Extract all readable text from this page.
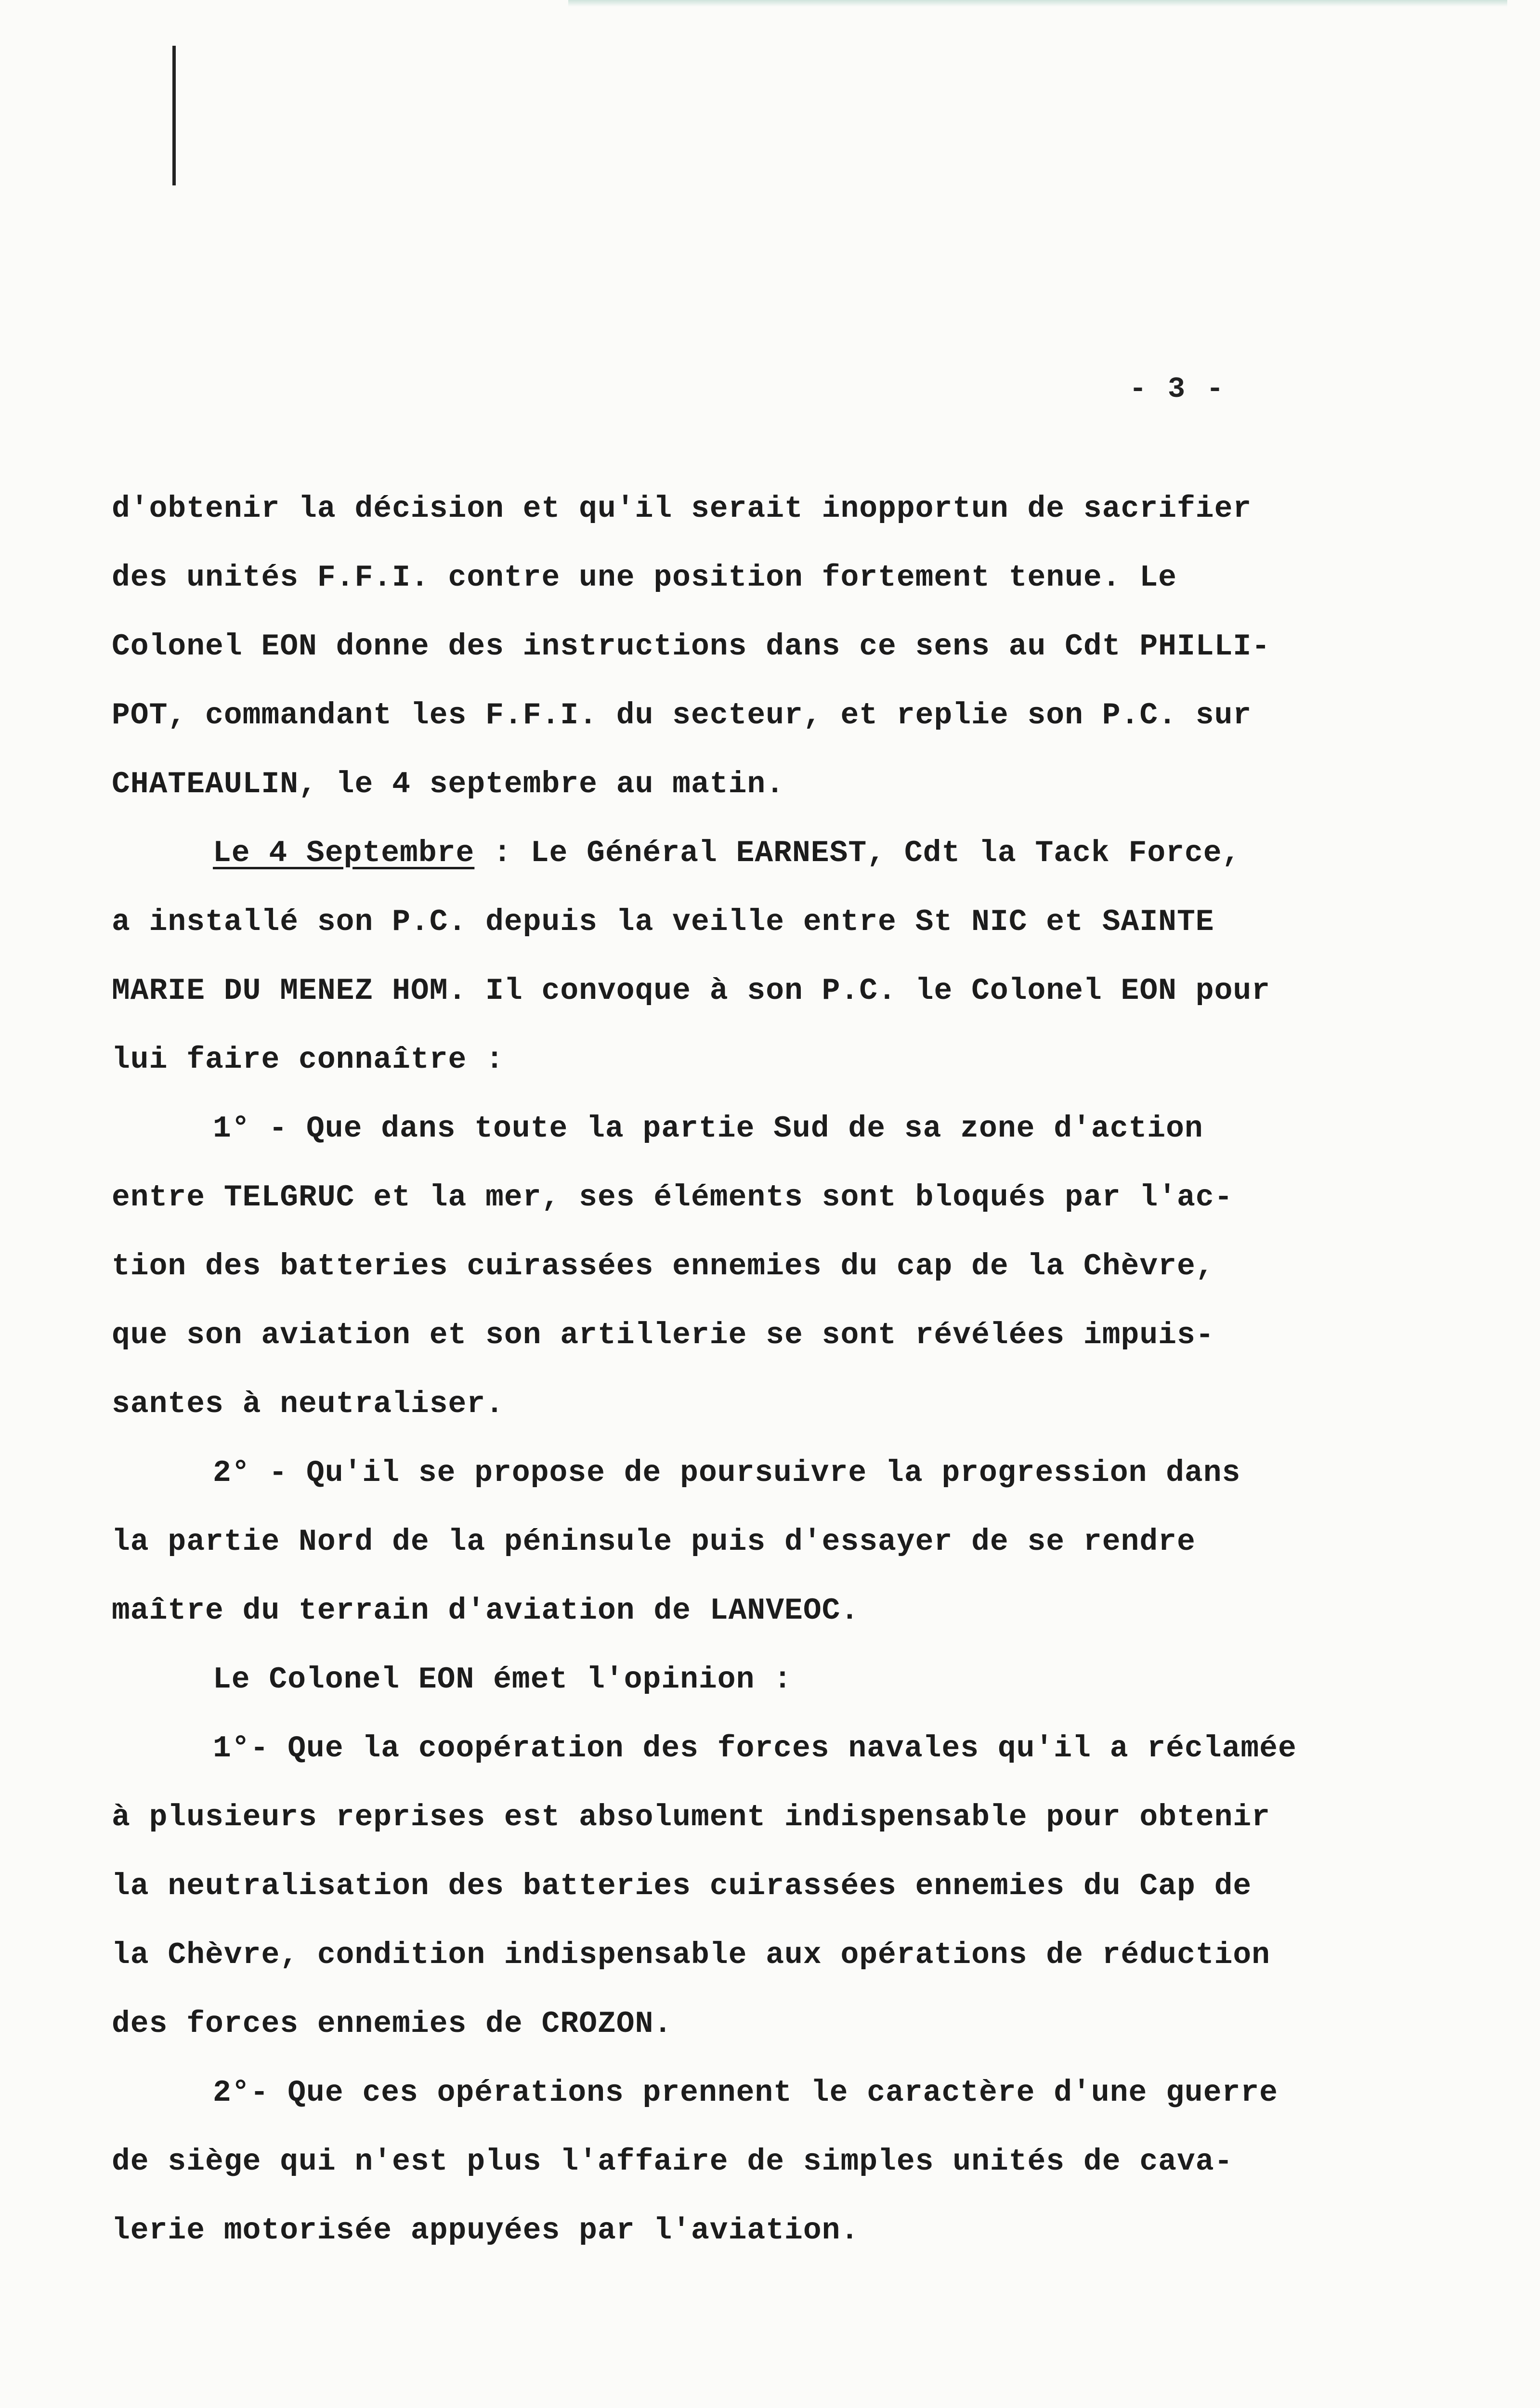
- 3 -
d'obtenir la décision et qu'il serait inopportun de sacrifier
des unités F.F.I. contre une position fortement tenue. Le
Colonel EON donne des instructions dans ce sens au Cdt PHILLI-
POT, commandant les F.F.I. du secteur, et replie son P.C. sur
CHATEAULIN, le 4 septembre au matin.
Le 4 Septembre : Le Général EARNEST, Cdt la Tack Force,
a installé son P.C. depuis la veille entre St NIC et SAINTE
MARIE DU MENEZ HOM. Il convoque à son P.C. le Colonel EON pour
lui faire connaître :
1° - Que dans toute la partie Sud de sa zone d'action
entre TELGRUC et la mer, ses éléments sont bloqués par l'ac-
tion des batteries cuirassées ennemies du cap de la Chèvre,
que son aviation et son artillerie se sont révélées impuis-
santes à neutraliser.
2° - Qu'il se propose de poursuivre la progression dans
la partie Nord de la péninsule puis d'essayer de se rendre
maître du terrain d'aviation de LANVEOC.
Le Colonel EON émet l'opinion :
1°- Que la coopération des forces navales qu'il a réclamée
à plusieurs reprises est absolument indispensable pour obtenir
la neutralisation des batteries cuirassées ennemies du Cap de
la Chèvre, condition indispensable aux opérations de réduction
des forces ennemies de CROZON.
2°- Que ces opérations prennent le caractère d'une guerre
de siège qui n'est plus l'affaire de simples unités de cava-
lerie motorisée appuyées par l'aviation.
